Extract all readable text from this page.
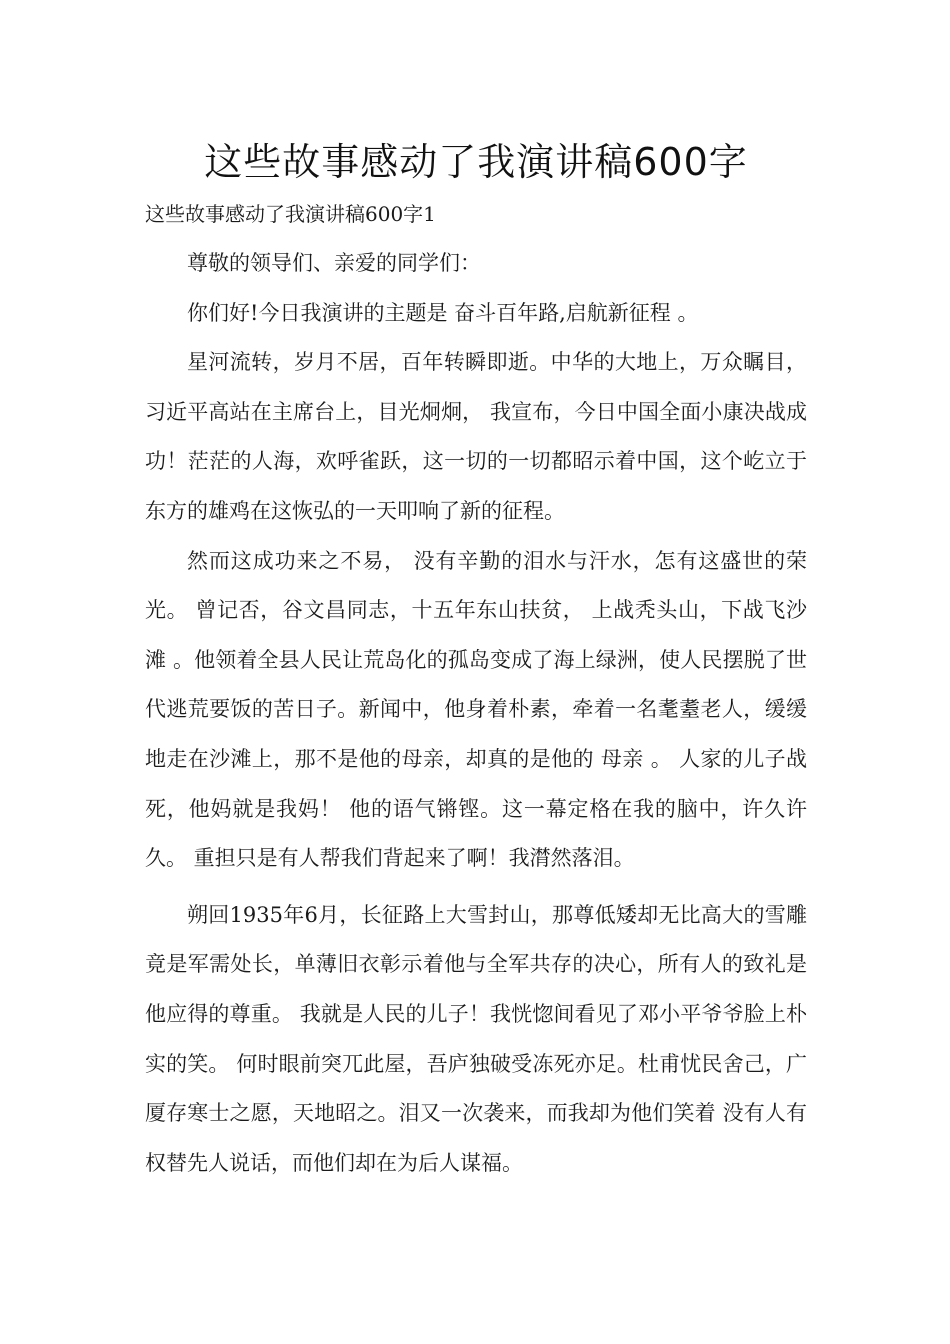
这些故事感动了我演讲稿600字

这些故事感动了我演讲稿600字1

尊敬的领导们、亲爱的同学们：

你们好!今日我演讲的主题是 奋斗百年路,启航新征程 。

星河流转，岁月不居，百年转瞬即逝。中华的大地上，万众瞩目，习近平高站在主席台上，目光炯炯， 我宣布，今日中国全面小康决战成功！茫茫的人海，欢呼雀跃，这一切的一切都昭示着中国，这个屹立于东方的雄鸡在这恢弘的一天叩响了新的征程。

然而这成功来之不易， 没有辛勤的泪水与汗水，怎有这盛世的荣光。 曾记否，谷文昌同志，十五年东山扶贫， 上战秃头山，下战飞沙滩 。他领着全县人民让荒岛化的孤岛变成了海上绿洲，使人民摆脱了世代逃荒要饭的苦日子。新闻中，他身着朴素，牵着一名耄耋老人，缓缓地走在沙滩上，那不是他的母亲，却真的是他的 母亲 。 人家的儿子战死，他妈就是我妈！ 他的语气锵铿。这一幕定格在我的脑中，许久许久。 重担只是有人帮我们背起来了啊！我潸然落泪。

朔回1935年6月，长征路上大雪封山，那尊低矮却无比高大的雪雕 竟是军需处长，单薄旧衣彰示着他与全军共存的决心，所有人的致礼是他应得的尊重。 我就是人民的儿子！我恍惚间看见了邓小平爷爷脸上朴实的笑。 何时眼前突兀此屋，吾庐独破受冻死亦足。杜甫忧民舍己，广厦存寒士之愿，天地昭之。泪又一次袭来，而我却为他们笑着 没有人有权替先人说话，而他们却在为后人谋福。
